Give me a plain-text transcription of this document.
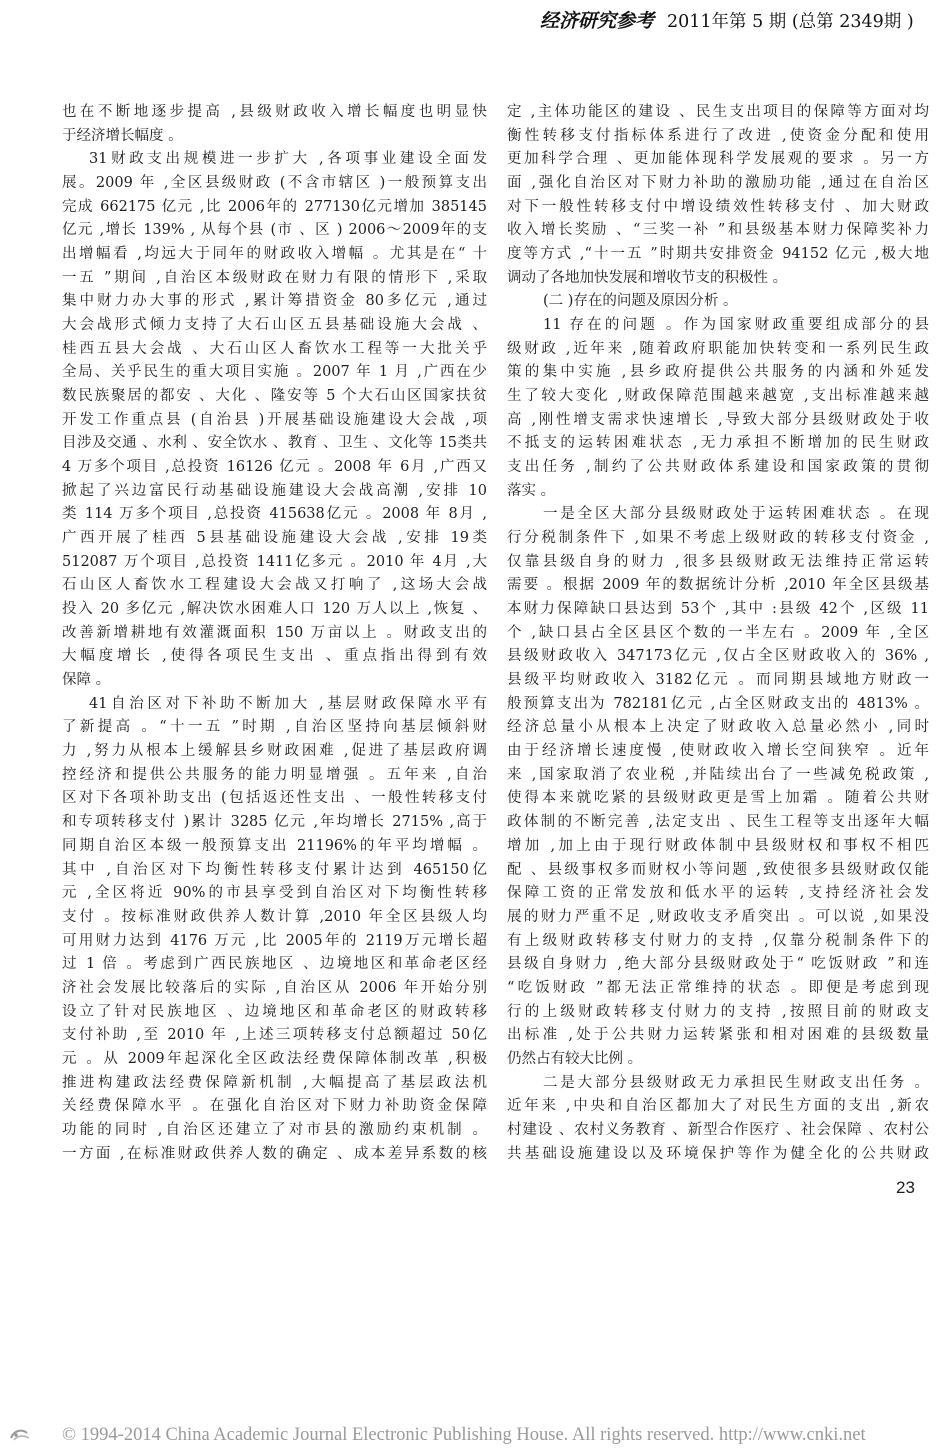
经济研究参考 2011年第 5 期 (总第 2349期 )
也在不断地逐步提高 ,县级财政收入增长幅度也明显快
于经济增长幅度 。
31财政支出规模进一步扩大 ,各项事业建设全面发
展。2009 年 ,全区县级财政 (不含市辖区 )一般预算支出
完成 662175 亿元 ,比 2006年的 277130亿元增加 385145
亿元 ,增长 139% , 从每个县 (市 、区 ) 2006～2009年的支
出增幅看 ,均远大于同年的财政收入增幅 。尤其是在“ 十
一五 ”期间 ,自治区本级财政在财力有限的情形下 ,采取
集中财力办大事的形式 ,累计筹措资金 80多亿元 ,通过
大会战形式倾力支持了大石山区五县基础设施大会战 、
桂西五县大会战 、大石山区人畜饮水工程等一大批关乎
全局、关乎民生的重大项目实施 。2007 年 1 月 ,广西在少
数民族聚居的都安 、大化 、隆安等 5 个大石山区国家扶贫
开发工作重点县 (自治县 )开展基础设施建设大会战 ,项
目涉及交通 、水利 、安全饮水 、教育 、卫生 、文化等 15类共
4 万多个项目 ,总投资 16126 亿元 。2008 年 6月 ,广西又
掀起了兴边富民行动基础设施建设大会战高潮 ,安排 10
类 114 万多个项目 ,总投资 415638亿元 。2008 年 8月 ,
广西开展了桂西 5县基础设施建设大会战 ,安排 19类
512087 万个项目 ,总投资 1411亿多元 。2010 年 4月 ,大
石山区人畜饮水工程建设大会战又打响了 ,这场大会战
投入 20 多亿元 ,解决饮水困难人口 120 万人以上 ,恢复 、
改善新增耕地有效灌溉面积 150 万亩以上 。财政支出的
大幅度增长 ,使得各项民生支出 、重点指出得到有效
保障 。
41自治区对下补助不断加大 ,基层财政保障水平有
了新提高 。“十一五 ”时期 ,自治区坚持向基层倾斜财
力 ,努力从根本上缓解县乡财政困难 ,促进了基层政府调
控经济和提供公共服务的能力明显增强 。五年来 ,自治
区对下各项补助支出 (包括返还性支出 、一般性转移支付
和专项转移支付 )累计 3285 亿元 ,年均增长 2715% ,高于
同期自治区本级一般预算支出 21196%的年平均增幅 。
其中 ,自治区对下均衡性转移支付累计达到 465150亿
元 ,全区将近 90%的市县享受到自治区对下均衡性转移
支付 。按标准财政供养人数计算 ,2010 年全区县级人均
可用财力达到 4176 万元 ,比 2005年的 2119万元增长超
过 1 倍 。考虑到广西民族地区 、边境地区和革命老区经
济社会发展比较落后的实际 ,自治区从 2006 年开始分别
设立了针对民族地区 、边境地区和革命老区的财政转移
支付补助 ,至 2010 年 ,上述三项转移支付总额超过 50亿
元 。从 2009年起深化全区政法经费保障体制改革 ,积极
推进构建政法经费保障新机制 ,大幅提高了基层政法机
关经费保障水平 。在强化自治区对下财力补助资金保障
功能的同时 ,自治区还建立了对市县的激励约束机制 。
一方面 ,在标准财政供养人数的确定 、成本差异系数的核
定 ,主体功能区的建设 、民生支出项目的保障等方面对均
衡性转移支付指标体系进行了改进 ,使资金分配和使用
更加科学合理 、更加能体现科学发展观的要求 。另一方
面 ,强化自治区对下财力补助的激励功能 ,通过在自治区
对下一般性转移支付中增设绩效性转移支付 、加大财政
收入增长奖励 、“三奖一补 ”和县级基本财力保障奖补力
度等方式 ,“十一五 ”时期共安排资金 94152 亿元 ,极大地
调动了各地加快发展和增收节支的积极性 。
(二 )存在的问题及原因分析 。
11 存在的问题 。作为国家财政重要组成部分的县
级财政 ,近年来 ,随着政府职能加快转变和一系列民生政
策的集中实施 ,县乡政府提供公共服务的内涵和外延发
生了较大变化 ,财政保障范围越来越宽 ,支出标准越来越
高 ,刚性增支需求快速增长 ,导致大部分县级财政处于收
不抵支的运转困难状态 ,无力承担不断增加的民生财政
支出任务 ,制约了公共财政体系建设和国家政策的贯彻
落实 。
一是全区大部分县级财政处于运转困难状态 。在现
行分税制条件下 ,如果不考虑上级财政的转移支付资金 ,
仅靠县级自身的财力 ,很多县级财政无法维持正常运转
需要 。根据 2009 年的数据统计分析 ,2010 年全区县级基
本财力保障缺口县达到 53个 ,其中 :县级 42个 ,区级 11
个 ,缺口县占全区县区个数的一半左右 。2009 年 ,全区
县级财政收入 347173亿元 ,仅占全区财政收入的 36% ,
县级平均财政收入 3182亿元 。而同期县域地方财政一
般预算支出为 782181亿元 ,占全区财政支出的 4813% 。
经济总量小从根本上决定了财政收入总量必然小 ,同时
由于经济增长速度慢 ,使财政收入增长空间狭窄 。近年
来 ,国家取消了农业税 ,并陆续出台了一些减免税政策 ,
使得本来就吃紧的县级财政更是雪上加霜 。随着公共财
政体制的不断完善 ,法定支出 、民生工程等支出逐年大幅
增加 ,加上由于现行财政体制中县级财权和事权不相匹
配 、县级事权多而财权小等问题 ,致使很多县级财政仅能
保障工资的正常发放和低水平的运转 ,支持经济社会发
展的财力严重不足 ,财政收支矛盾突出 。可以说 ,如果没
有上级财政转移支付财力的支持 ,仅靠分税制条件下的
县级自身财力 ,绝大部分县级财政处于“ 吃饭财政 ”和连
“吃饭财政 ”都无法正常维持的状态 。即便是考虑到现
行的上级财政转移支付财力的支持 ,按照目前的财政支
出标准 ,处于公共财力运转紧张和相对困难的县级数量
仍然占有较大比例 。
二是大部分县级财政无力承担民生财政支出任务 。
近年来 ,中央和自治区都加大了对民生方面的支出 ,新农
村建设 、农村义务教育 、新型合作医疗 、社会保障 、农村公
共基础设施建设以及环境保护等作为健全化的公共财政
23
© 1994-2014 China Academic Journal Electronic Publishing House. All rights reserved. http://www.cnki.net
